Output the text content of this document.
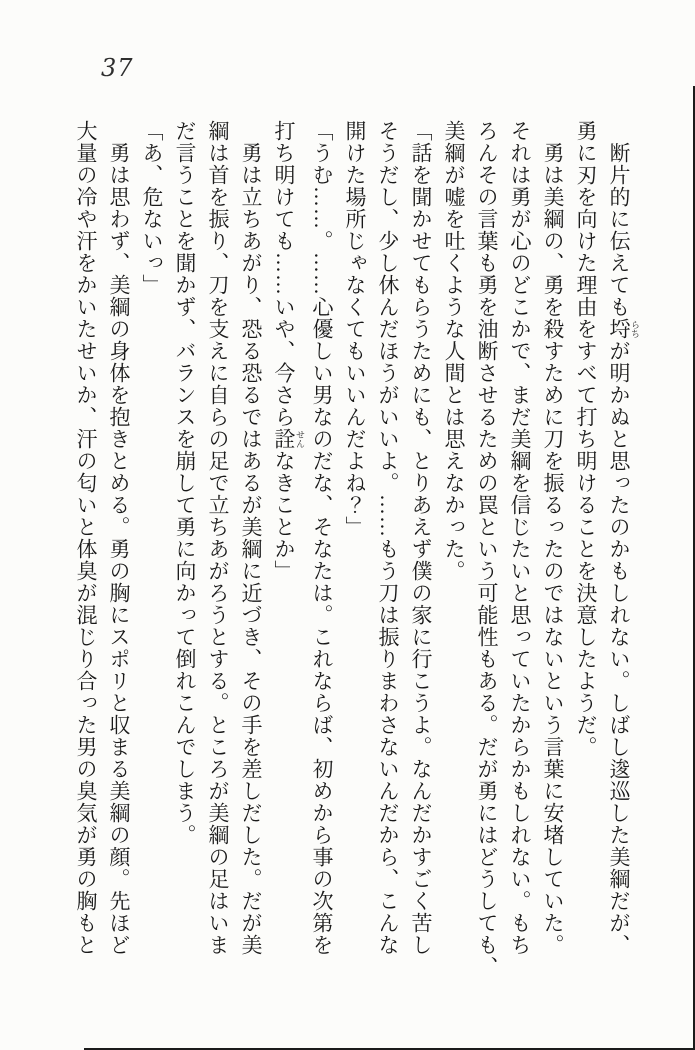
37
断片的に伝えても埒 らちが明かぬと思ったのかもしれない。しばし逡巡した美綱だが、
勇に刃を向けた理由をすべて打ち明けることを決意したようだ。
勇は美綱の、勇を殺すために刀を振るったのではないという言葉に安堵していた。
それは勇が心のどこかで、まだ美綱を信じたいと思っていたからかもしれない。もち
ろんその言葉も勇を油断させるための罠という可能性もある。だが勇にはどうしても、
美綱が嘘を吐くような人間とは思えなかった。
「話を聞かせてもらうためにも、とりあえず僕の家に行こうよ。なんだかすごく苦し
そうだし、少し休んだほうがいいよ。……もう刀は振りまわさないんだから、こんな
開けた場所じゃなくてもいいんだよね？」
「うむ……。……心優しい男なのだな、そなたは。これならば、初めから事の次第を
打ち明けても……いや、今さら詮 せんなきことか」
勇は立ちあがり、恐る恐るではあるが美綱に近づき、その手を差しだした。だが美
綱は首を振り、刀を支えに自らの足で立ちあがろうとする。ところが美綱の足はいま
だ言うことを聞かず、バランスを崩して勇に向かって倒れこんでしまう。
「あ、危ないっ」
勇は思わず、美綱の身体を抱きとめる。勇の胸にスポリと収まる美綱の顔。先ほど
大量の冷や汗をかいたせいか、汗の匂いと体臭が混じり合った男の臭気が勇の胸もと
